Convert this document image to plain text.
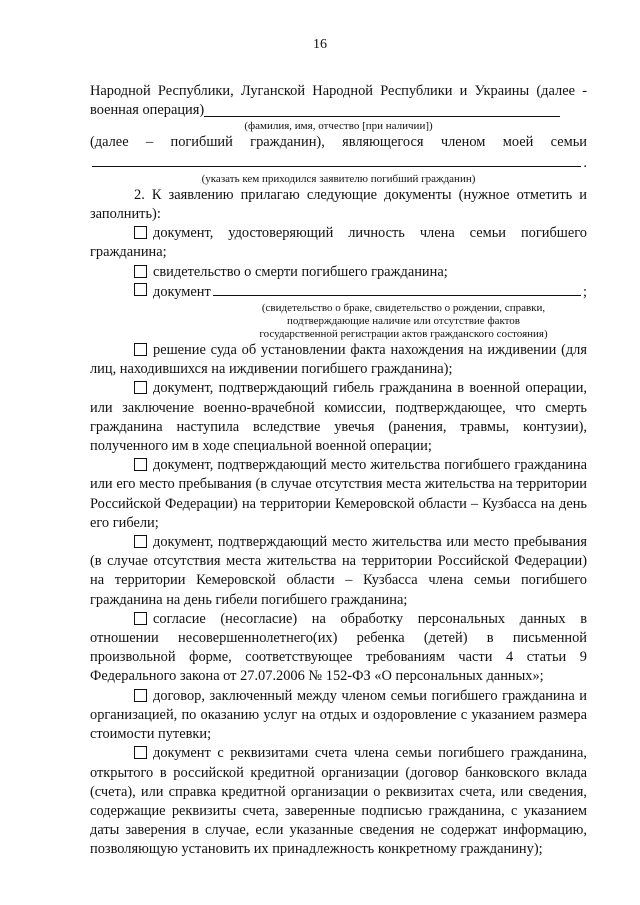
16

Народной Республики, Луганской Народной Республики и Украины (далее - военная операция)

(фамилия, имя, отчество [при наличии])

(далее – погибший гражданин), являющегося членом моей семьи

.

(указать кем приходился заявителю погибший гражданин)

2. К заявлению прилагаю следующие документы (нужное отметить и заполнить):

документ, удостоверяющий личность члена семьи погибшего гражданина;

свидетельство о смерти погибшего гражданина;

документ	;

(свидетельство о браке, свидетельство о рождении, справки,

подтверждающие наличие или отсутствие фактов

государственной регистрации актов гражданского состояния)

решение суда об установлении факта нахождения на иждивении (для лиц, находившихся на иждивении погибшего гражданина);

документ, подтверждающий гибель гражданина в военной операции, или заключение военно-врачебной комиссии, подтверждающее, что смерть гражданина наступила вследствие увечья (ранения, травмы, контузии), полученного им в ходе специальной военной операции;

документ, подтверждающий место жительства погибшего гражданина или его место пребывания (в случае отсутствия места жительства на территории Российской Федерации) на территории Кемеровской области – Кузбасса на день его гибели;

документ, подтверждающий место жительства или место пребывания (в случае отсутствия места жительства на территории Российской Федерации) на территории Кемеровской области – Кузбасса члена семьи погибшего гражданина на день гибели погибшего гражданина;

согласие (несогласие) на обработку персональных данных в отношении несовершеннолетнего(их) ребенка (детей) в письменной произвольной форме, соответствующее требованиям части 4 статьи 9 Федерального закона от 27.07.2006 № 152-ФЗ «О персональных данных»;

договор, заключенный между членом семьи погибшего гражданина и организацией, по оказанию услуг на отдых и оздоровление с указанием размера стоимости путевки;

документ с реквизитами счета члена семьи погибшего гражданина, открытого в российской кредитной организации (договор банковского вклада (счета), или справка кредитной организации о реквизитах счета, или сведения, содержащие реквизиты счета, заверенные подписью гражданина, с указанием даты заверения в случае, если указанные сведения не содержат информацию, позволяющую установить их принадлежность конкретному гражданину);
